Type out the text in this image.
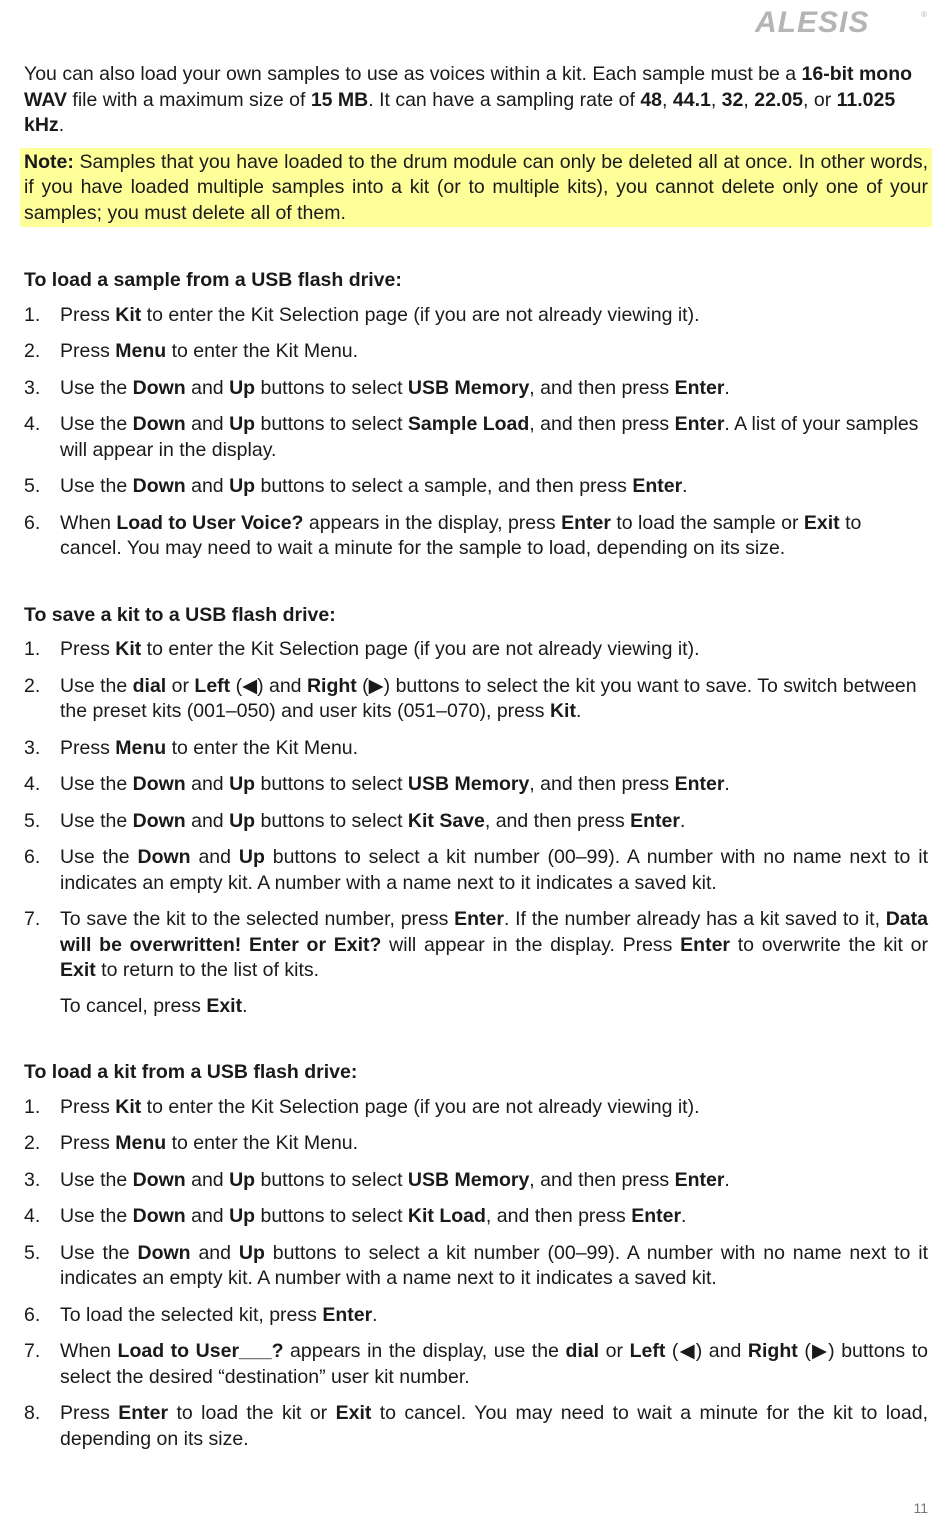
ALESIS	®

You can also load your own samples to use as voices within a kit. Each sample must be a 16-bit mono WAV file with a maximum size of 15 MB. It can have a sampling rate of 48, 44.1, 32, 22.05, or 11.025 kHz.

Note: Samples that you have loaded to the drum module can only be deleted all at once. In other words, if you have loaded multiple samples into a kit (or to multiple kits), you cannot delete only one of your samples; you must delete all of them.

To load a sample from a USB flash drive:

1. Press Kit to enter the Kit Selection page (if you are not already viewing it).
2. Press Menu to enter the Kit Menu.
3. Use the Down and Up buttons to select USB Memory, and then press Enter.
4. Use the Down and Up buttons to select Sample Load, and then press Enter. A list of your samples will appear in the display.
5. Use the Down and Up buttons to select a sample, and then press Enter.
6. When Load to User Voice? appears in the display, press Enter to load the sample or Exit to cancel. You may need to wait a minute for the sample to load, depending on its size.

To save a kit to a USB flash drive:

1. Press Kit to enter the Kit Selection page (if you are not already viewing it).
2. Use the dial or Left (◀) and Right (▶) buttons to select the kit you want to save. To switch between the preset kits (001–050) and user kits (051–070), press Kit.
3. Press Menu to enter the Kit Menu.
4. Use the Down and Up buttons to select USB Memory, and then press Enter.
5. Use the Down and Up buttons to select Kit Save, and then press Enter.
6. Use the Down and Up buttons to select a kit number (00–99). A number with no name next to it indicates an empty kit. A number with a name next to it indicates a saved kit.
7. To save the kit to the selected number, press Enter. If the number already has a kit saved to it, Data will be overwritten! Enter or Exit? will appear in the display. Press Enter to overwrite the kit or Exit to return to the list of kits.

To cancel, press Exit.

To load a kit from a USB flash drive:

1. Press Kit to enter the Kit Selection page (if you are not already viewing it).
2. Press Menu to enter the Kit Menu.
3. Use the Down and Up buttons to select USB Memory, and then press Enter.
4. Use the Down and Up buttons to select Kit Load, and then press Enter.
5. Use the Down and Up buttons to select a kit number (00–99). A number with no name next to it indicates an empty kit. A number with a name next to it indicates a saved kit.
6. To load the selected kit, press Enter.
7. When Load to User___? appears in the display, use the dial or Left (◀) and Right (▶) buttons to select the desired “destination” user kit number.
8. Press Enter to load the kit or Exit to cancel. You may need to wait a minute for the kit to load, depending on its size.
11
